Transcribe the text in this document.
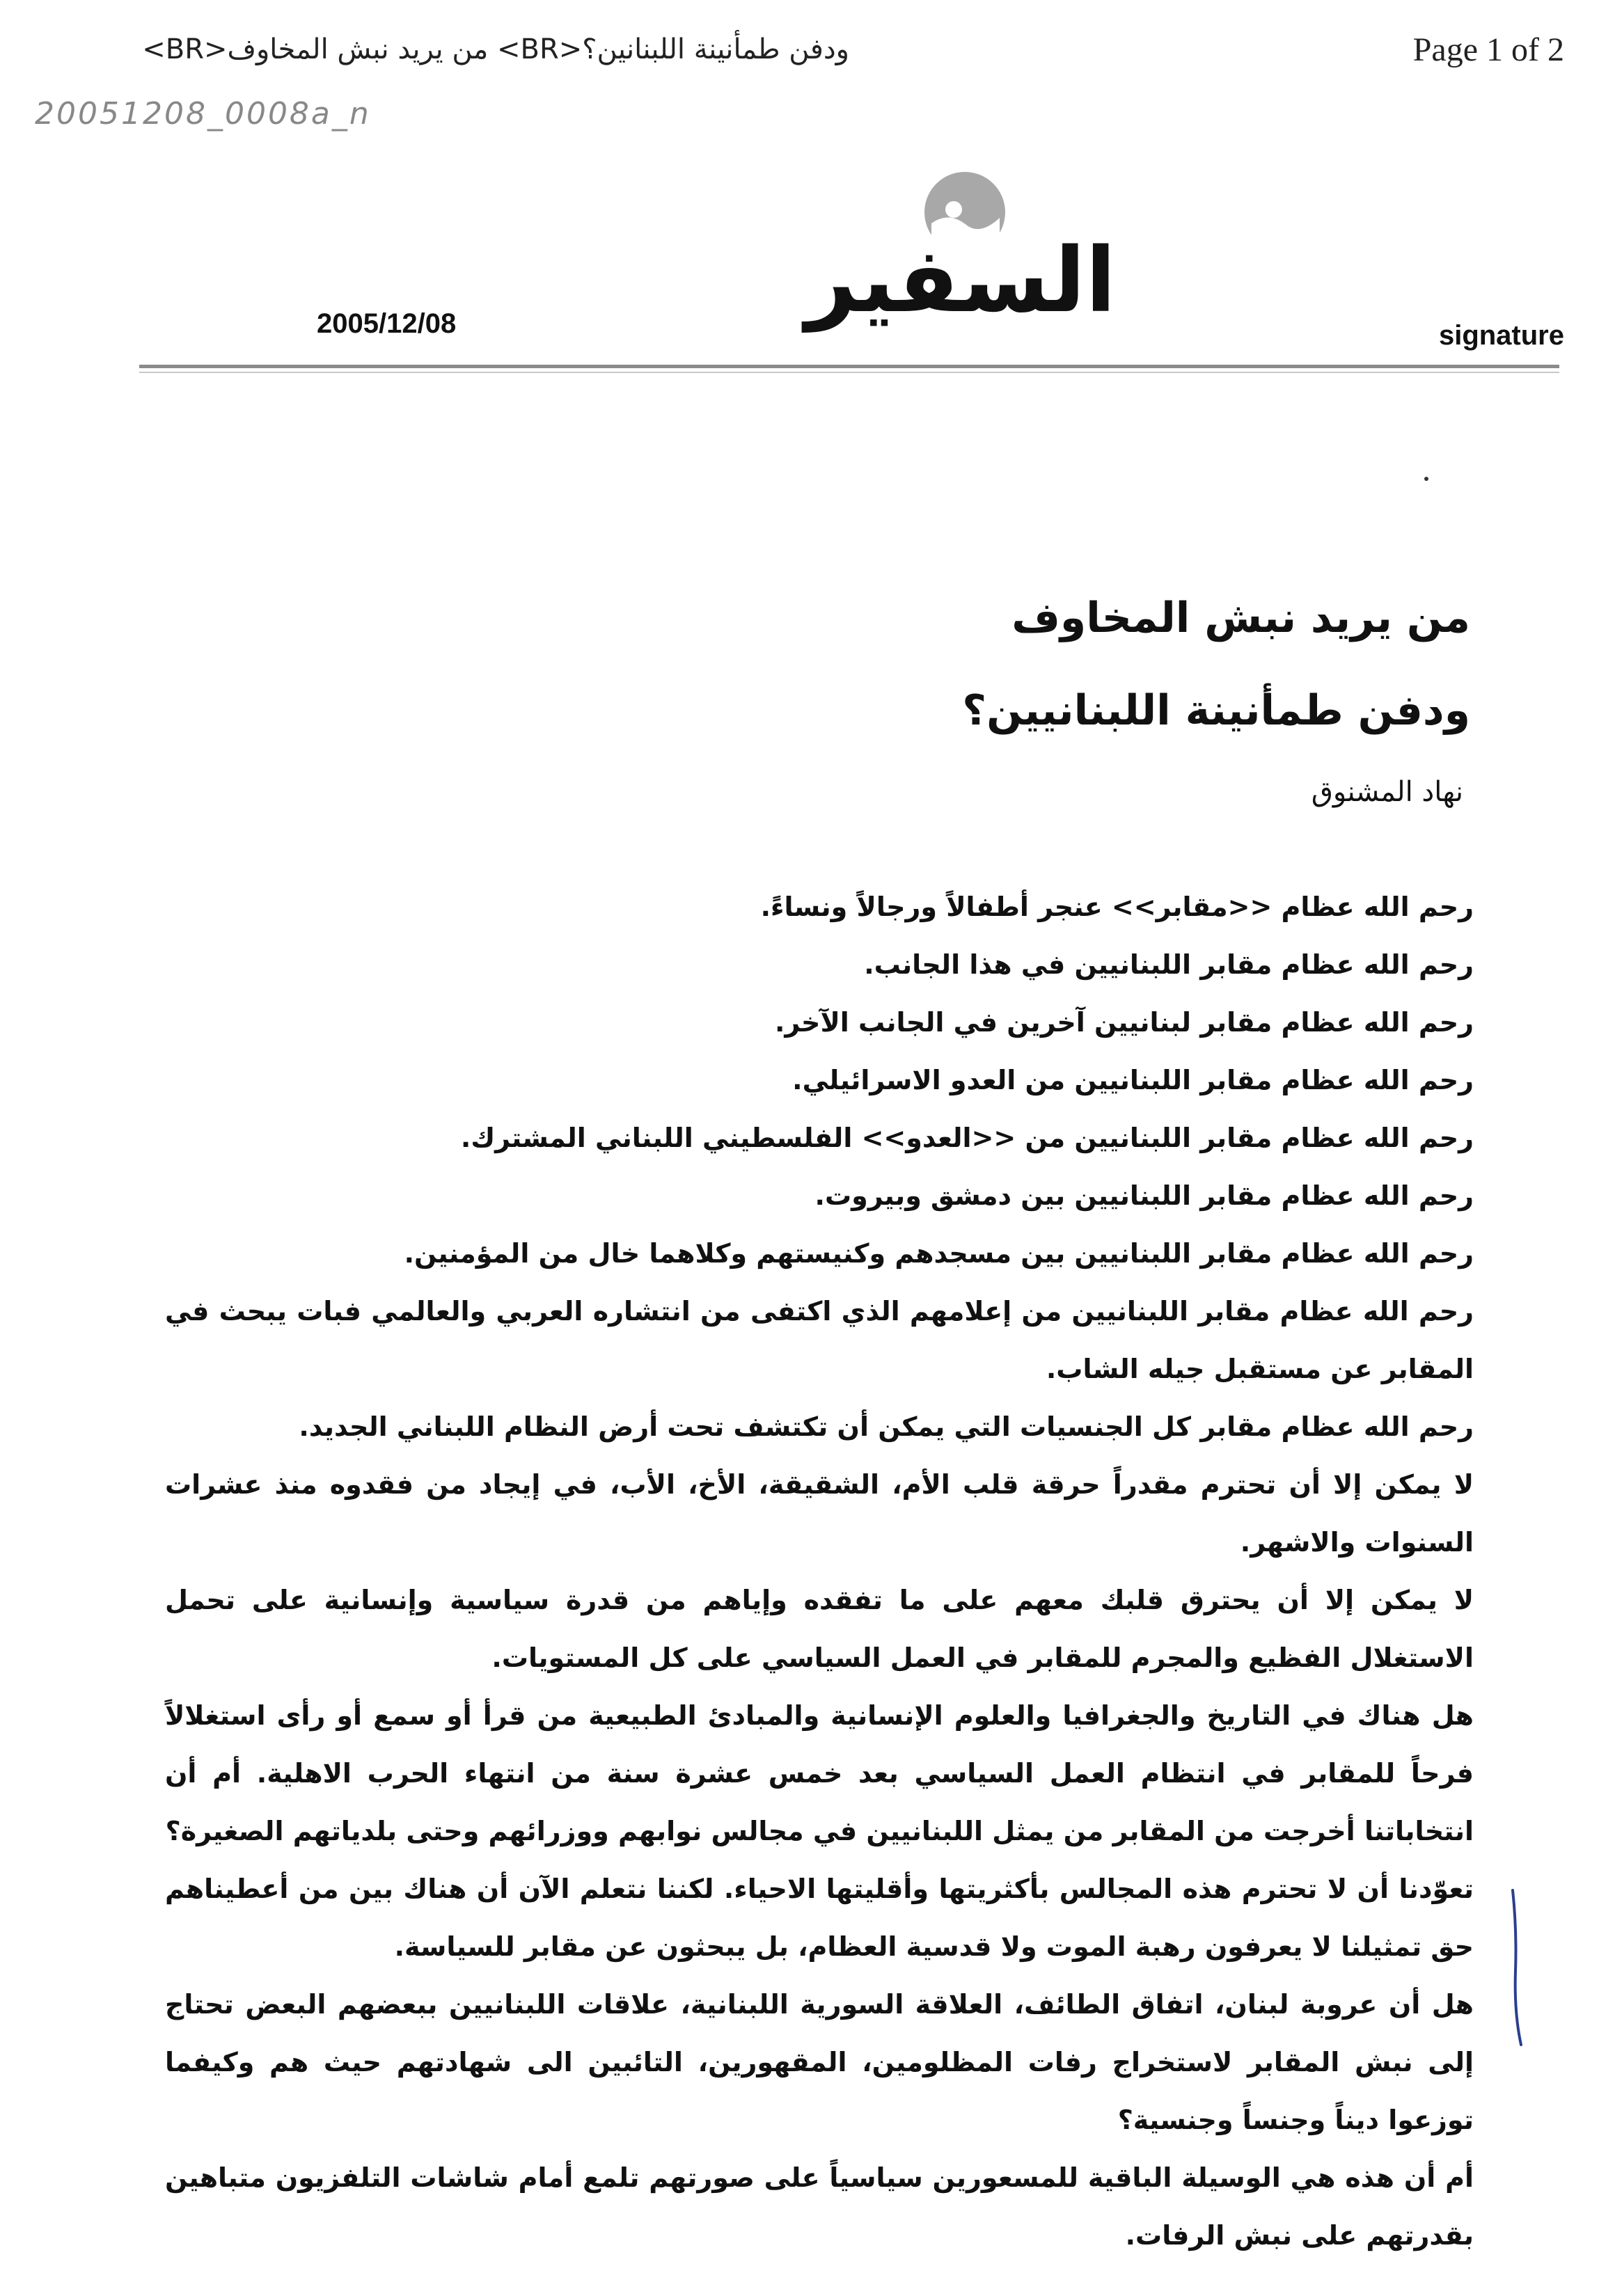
ودفن طمأنينة اللبنانين؟<BR> من يريد نبش المخاوف<BR>	Page 1 of 2
20051208_0008a_n
السفير
2005/12/08	signature
من يريد نبش المخاوف
ودفن طمأنينة اللبنانيين؟
نهاد المشنوق

رحم الله عظام <<مقابر>> عنجر أطفالاً ورجالاً ونساءً.

رحم الله عظام مقابر اللبنانيين في هذا الجانب.

رحم الله عظام مقابر لبنانيين آخرين في الجانب الآخر.

رحم الله عظام مقابر اللبنانيين من العدو الاسرائيلي.

رحم الله عظام مقابر اللبنانيين من <<العدو>> الفلسطيني اللبناني المشترك.

رحم الله عظام مقابر اللبنانيين بين دمشق وبيروت.

رحم الله عظام مقابر اللبنانيين بين مسجدهم وكنيستهم وكلاهما خال من المؤمنين.

رحم الله عظام مقابر اللبنانيين من إعلامهم الذي اكتفى من انتشاره العربي والعالمي فبات يبحث في المقابر عن مستقبل جيله الشاب.

رحم الله عظام مقابر كل الجنسيات التي يمكن أن تكتشف تحت أرض النظام اللبناني الجديد.

لا يمكن إلا أن تحترم مقدراً حرقة قلب الأم، الشقيقة، الأخ، الأب، في إيجاد من فقدوه منذ عشرات السنوات والاشهر.

لا يمكن إلا أن يحترق قلبك معهم على ما تفقده وإياهم من قدرة سياسية وإنسانية على تحمل الاستغلال الفظيع والمجرم للمقابر في العمل السياسي على كل المستويات.

هل هناك في التاريخ والجغرافيا والعلوم الإنسانية والمبادئ الطبيعية من قرأ أو سمع أو رأى استغلالاً فرحاً للمقابر في انتظام العمل السياسي بعد خمس عشرة سنة من انتهاء الحرب الاهلية. أم أن انتخاباتنا أخرجت من المقابر من يمثل اللبنانيين في مجالس نوابهم ووزرائهم وحتى بلدياتهم الصغيرة؟

تعوّدنا أن لا تحترم هذه المجالس بأكثريتها وأقليتها الاحياء. لكننا نتعلم الآن أن هناك بين من أعطيناهم حق تمثيلنا لا يعرفون رهبة الموت ولا قدسية العظام، بل يبحثون عن مقابر للسياسة.

هل أن عروبة لبنان، اتفاق الطائف، العلاقة السورية اللبنانية، علاقات اللبنانيين ببعضهم البعض تحتاج إلى نبش المقابر لاستخراج رفات المظلومين، المقهورين، التائبين الى شهادتهم حيث هم وكيفما توزعوا ديناً وجنساً وجنسية؟

أم أن هذه هي الوسيلة الباقية للمسعورين سياسياً على صورتهم تلمع أمام شاشات التلفزيون متباهين بقدرتهم على نبش الرفات.
